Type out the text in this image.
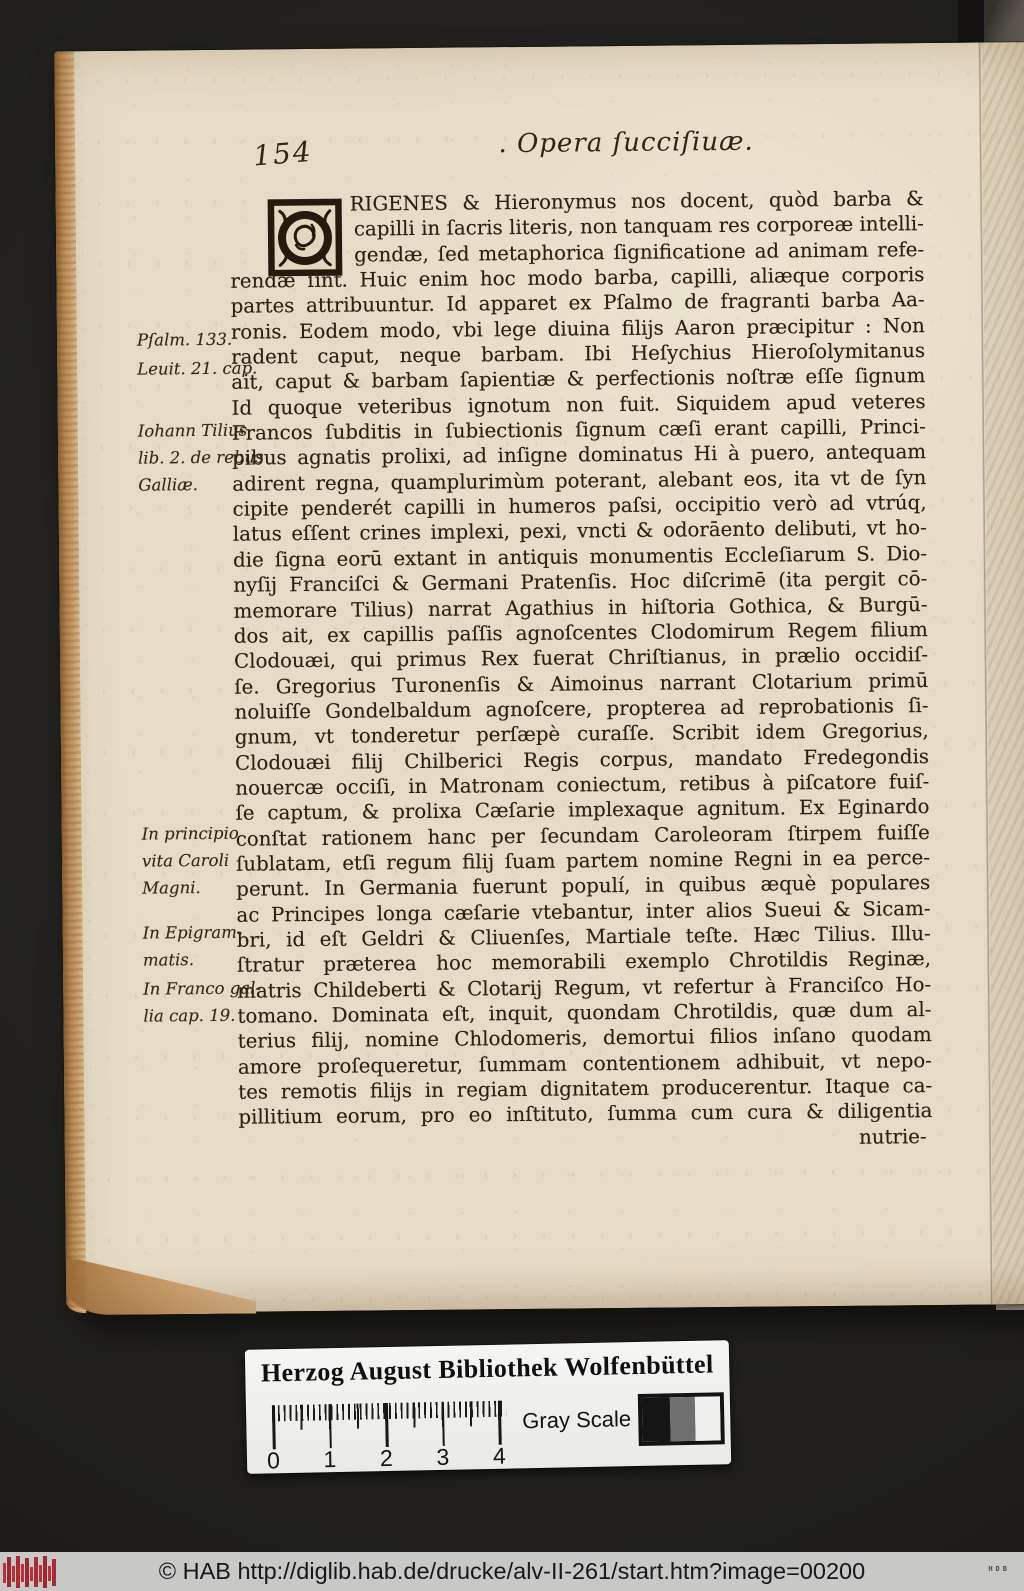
154	. Opera ſucciſiuæ.
RIGENES & Hieronymus nos docent, quòd barba &
capilli in ſacris literis, non tanquam res corporeæ intelli-
gendæ, ſed metaphorica ſignificatione ad animam refe-
rendæ ſint. Huic enim hoc modo barba, capilli, aliæque corporis
partes attribuuntur. Id apparet ex Pſalmo de fragranti barba Aa-
ronis. Eodem modo, vbi lege diuina filijs Aaron præcipitur : Non
radent caput, neque barbam. Ibi Heſychius Hieroſolymitanus
ait, caput & barbam ſapientiæ & perfectionis noſtræ eſſe ſignum
Id quoque veteribus ignotum non fuit. Siquidem apud veteres
Francos ſubditis in ſubiectionis ſignum cæſi erant capilli, Princi-
pibus agnatis prolixi, ad inſigne dominatus Hi à puero, antequam
adirent regna, quamplurimùm poterant, alebant eos, ita vt de ſyn
cipite penderét capilli in humeros paſsi, occipitio verò ad vtrúq,
latus eſſent crines implexi, pexi, vncti & odorāento delibuti, vt ho-
die ſigna eorū extant in antiquis monumentis Eccleſiarum S. Dio-
nyſij Franciſci & Germani Pratenſis. Hoc diſcrimē (ita pergit cō-
memorare Tilius) narrat Agathius in hiſtoria Gothica, & Burgū-
dos ait, ex capillis paſſis agnoſcentes Clodomirum Regem filium
Clodouæi, qui primus Rex fuerat Chriſtianus, in prælio occidiſ-
ſe. Gregorius Turonenſis & Aimoinus narrant Clotarium primū
noluiſſe Gondelbaldum agnoſcere, propterea ad reprobationis ſi-
gnum, vt tonderetur perſæpè curaſſe. Scribit idem Gregorius,
Clodouæi filij Chilberici Regis corpus, mandato Fredegondis
nouercæ occiſi, in Matronam coniectum, retibus à piſcatore fuiſ-
ſe captum, & prolixa Cæſarie implexaque agnitum. Ex Eginardo
conſtat rationem hanc per ſecundam Caroleoram ſtirpem fuiſſe
ſublatam, etſi regum filij ſuam partem nomine Regni in ea perce-
perunt. In Germania fuerunt populí, in quibus æquè populares
ac Principes longa cæſarie vtebantur, inter alios Sueui & Sicam-
bri, id eſt Geldri & Cliuenſes, Martiale teſte. Hæc Tilius. Illu-
ſtratur præterea hoc memorabili exemplo Chrotildis Reginæ,
matris Childeberti & Clotarij Regum, vt refertur à Franciſco Ho-
tomano. Dominata eſt, inquit, quondam Chrotildis, quæ dum al-
terius filij, nomine Chlodomeris, demortui filios inſano quodam
amore proſequeretur, ſummam contentionem adhibuit, vt nepo-
tes remotis filijs in regiam dignitatem producerentur. Itaque ca-
pillitium eorum, pro eo inſtituto, ſumma cum cura & diligentia
nutrie-
Pſalm. 133.
Leuit. 21. cap.
Iohann Tilius
lib. 2. de rebus
Galliæ.
In principio
vita Caroli
Magni.
In Epigram-
matis.
In Franco gal-
lia cap. 19.
Herzog August Bibliothek Wolfenbüttel
0 1 2 3 4
Gray Scale
© HAB http://diglib.hab.de/drucke/alv-II-261/start.htm?image=00200	HDB
